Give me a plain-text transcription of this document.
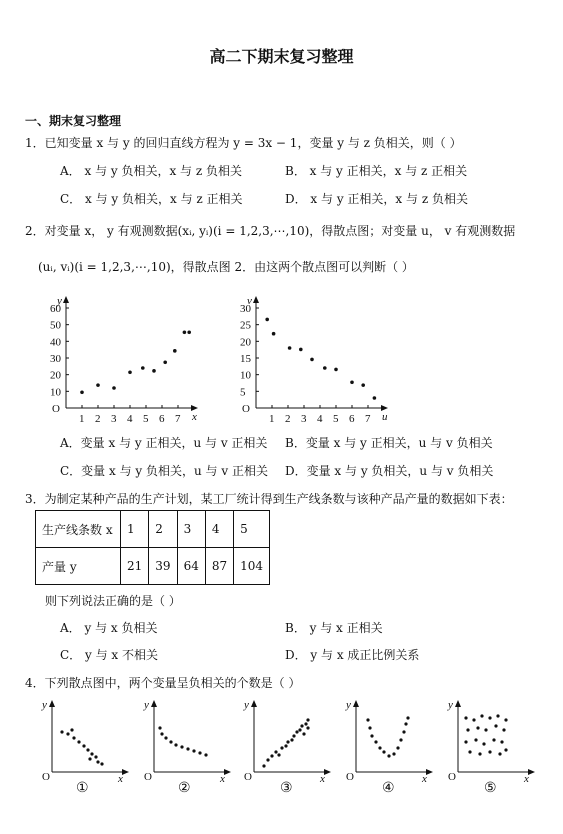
高二下期末复习整理
一、期末复习整理
1．已知变量 x 与 y 的回归直线方程为 y = 3x − 1，变量 y 与 z 负相关，则（ ）
A． x 与 y 负相关，x 与 z 负相关	B． x 与 y 正相关，x 与 z 正相关
C． x 与 y 负相关，x 与 z 正相关	D． x 与 y 正相关，x 与 z 负相关
2．对变量 x， y 有观测数据(xᵢ, yᵢ)(i = 1,2,3,⋯,10)，得散点图；对变量 u， v 有观测数据
(uᵢ, vᵢ)(i = 1,2,3,⋯,10)，得散点图 2．由这两个散点图可以判断（ ）
y
O
x
60
50
40
30
20
10
1 2 3 4 5 6 7
v
O
u
30
25
20
15
10
5
1 2 3 4 5 6 7
A．变量 x 与 y 正相关，u 与 v 正相关 B．变量 x 与 y 正相关，u 与 v 负相关
C．变量 x 与 y 负相关，u 与 v 正相关 D．变量 x 与 y 负相关，u 与 v 负相关
3．为制定某种产品的生产计划，某工厂统计得到生产线条数与该种产品产量的数据如下表：
生产线条数 x	1	2	3	4	5
产量 y	21	39	64	87	104
则下列说法正确的是（ ）
A． y 与 x 负相关	B． y 与 x 正相关
C． y 与 x 不相关	D． y 与 x 成正比例关系
4．下列散点图中，两个变量呈负相关的个数是（ ）
y
O	x
y
O	x
y
O	x
y
O	x
y
O	x
①	②	③	④	⑤
